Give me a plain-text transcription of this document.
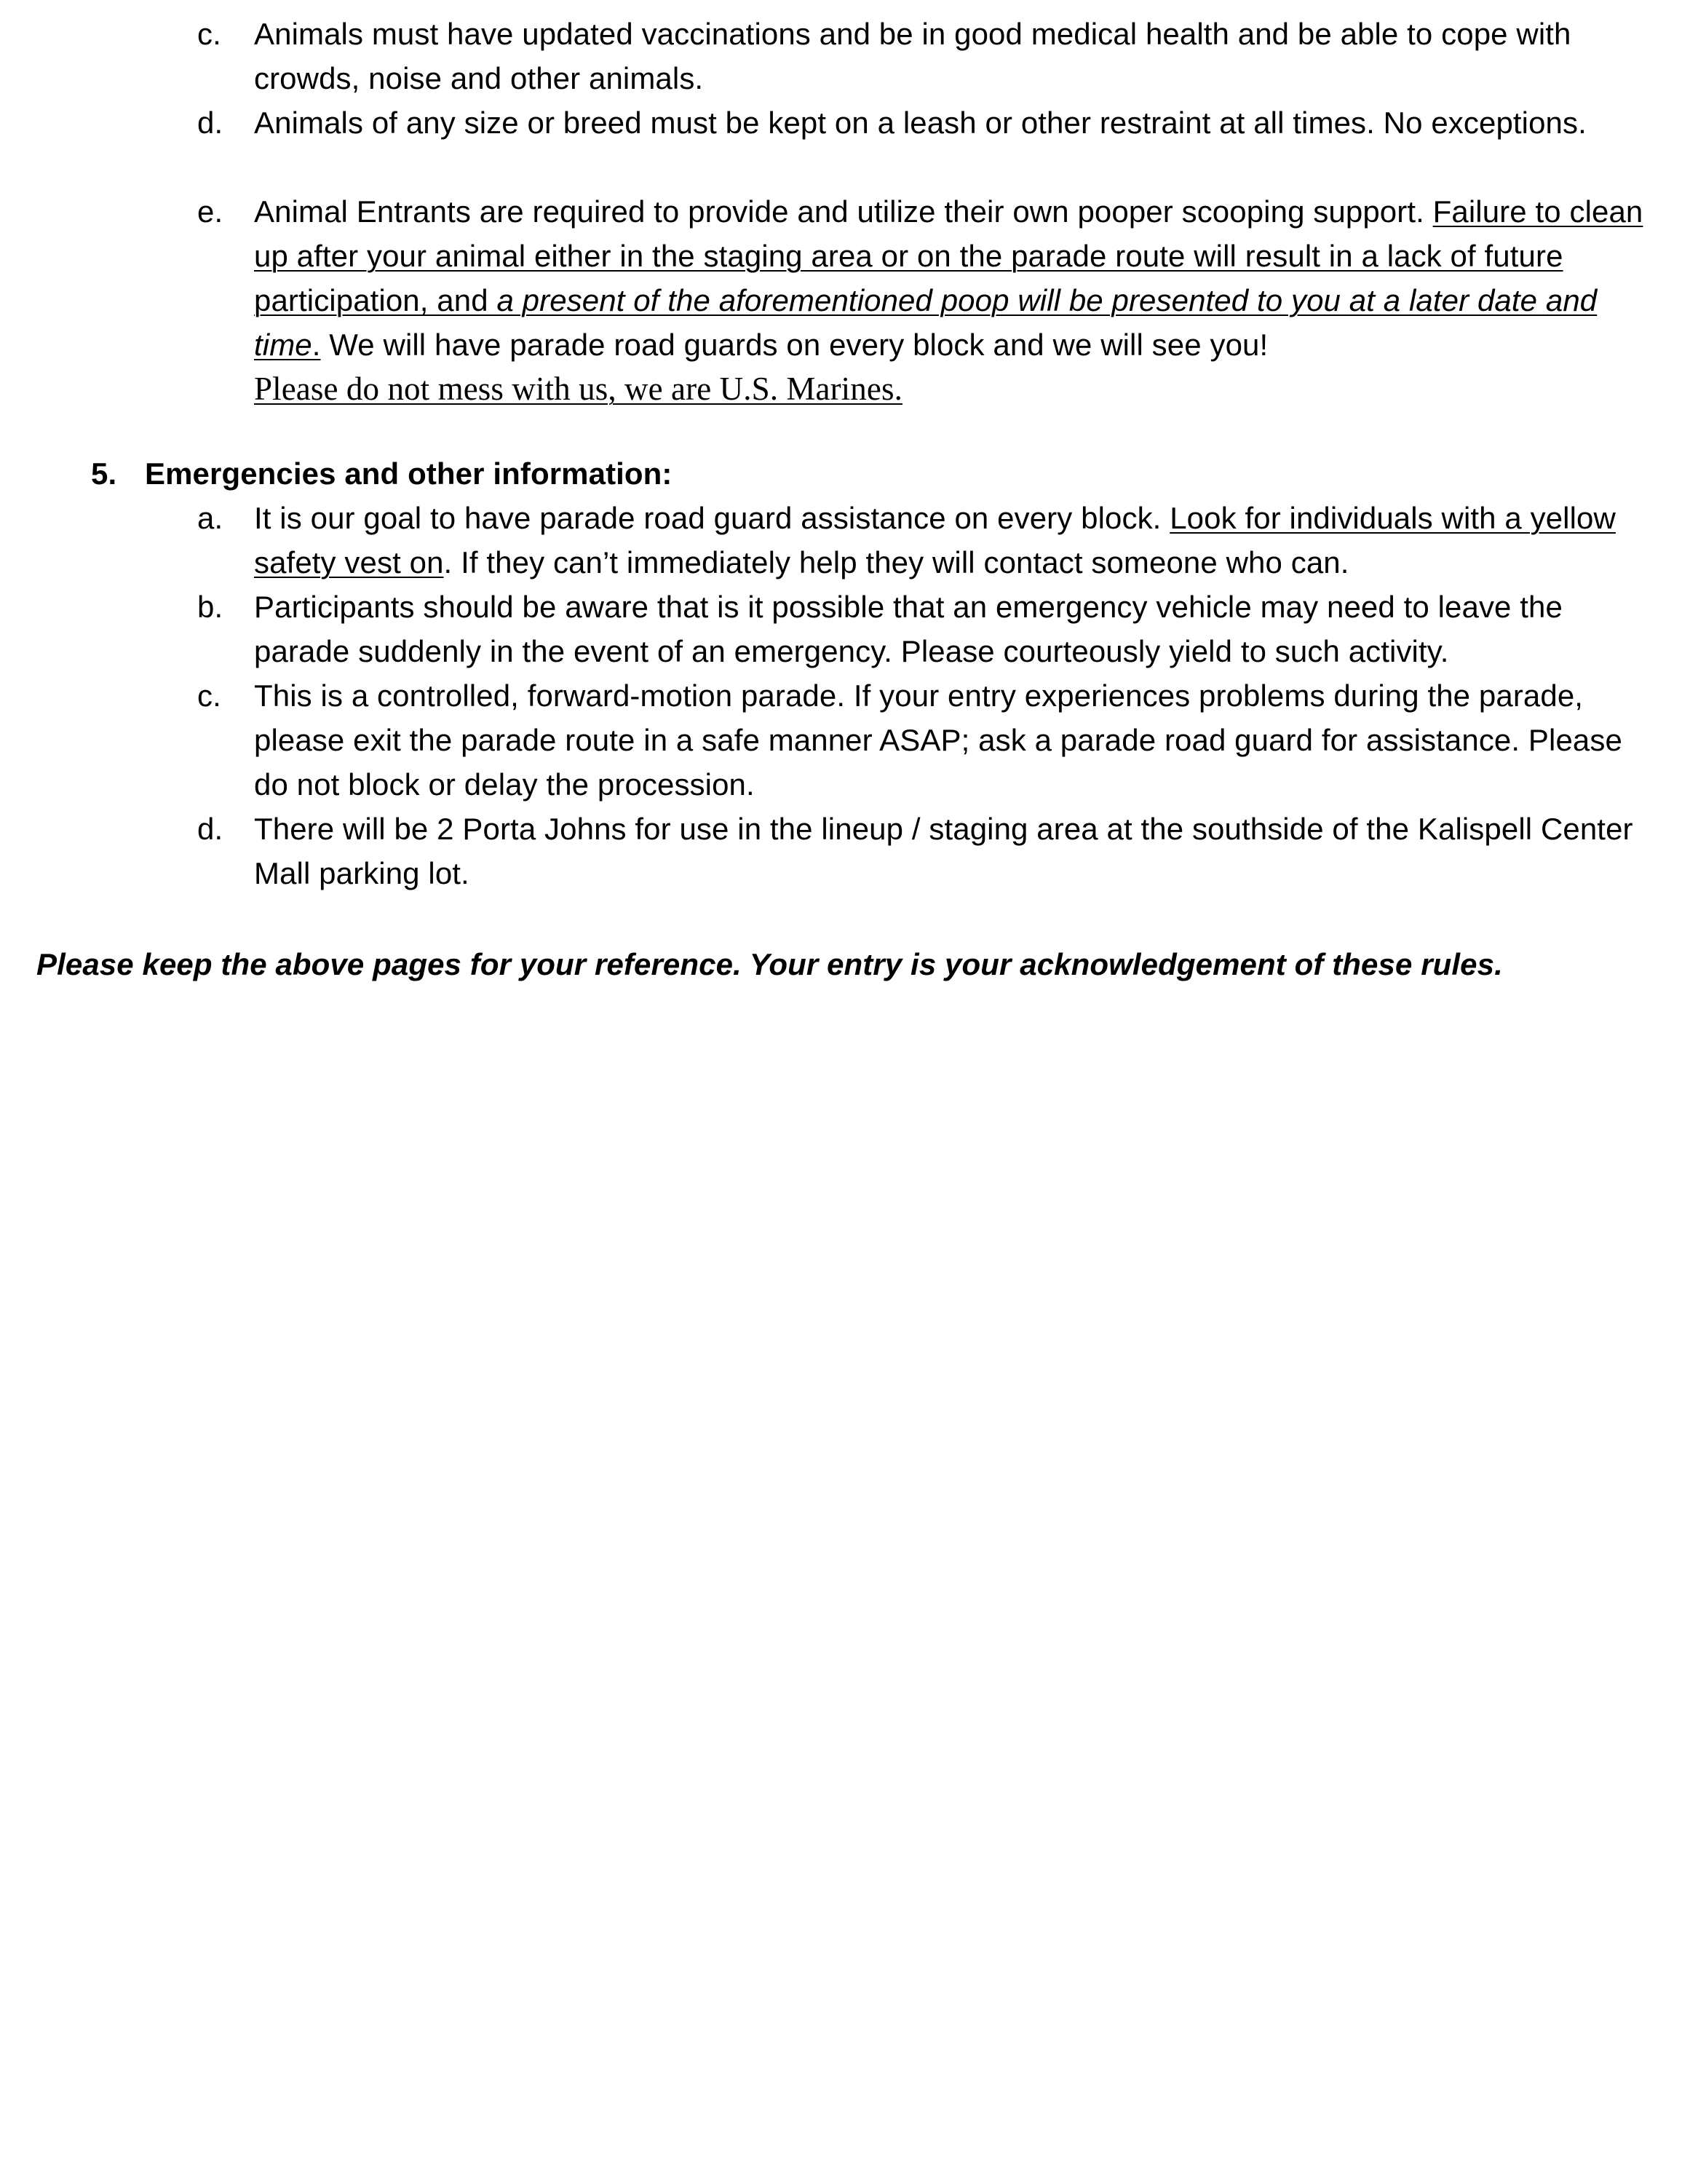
c.	Animals must have updated vaccinations and be in good medical health and be able to cope with crowds, noise and other animals.
d.	Animals of any size or breed must be kept on a leash or other restraint at all times. No exceptions.
e.	Animal Entrants are required to provide and utilize their own pooper scooping support. Failure to clean up after your animal either in the staging area or on the parade route will result in a lack of future participation, and a present of the aforementioned poop will be presented to you at a later date and time. We will have parade road guards on every block and we will see you!
Please do not mess with us, we are U.S. Marines.
5. Emergencies and other information:
a.	It is our goal to have parade road guard assistance on every block. Look for individuals with a yellow safety vest on. If they can’t immediately help they will contact someone who can.
b.	Participants should be aware that is it possible that an emergency vehicle may need to leave the parade suddenly in the event of an emergency. Please courteously yield to such activity.
c.	This is a controlled, forward-motion parade. If your entry experiences problems during the parade, please exit the parade route in a safe manner ASAP; ask a parade road guard for assistance. Please do not block or delay the procession.
d.	There will be 2 Porta Johns for use in the lineup / staging area at the southside of the Kalispell Center Mall parking lot.
Please keep the above pages for your reference. Your entry is your acknowledgement of these rules.
